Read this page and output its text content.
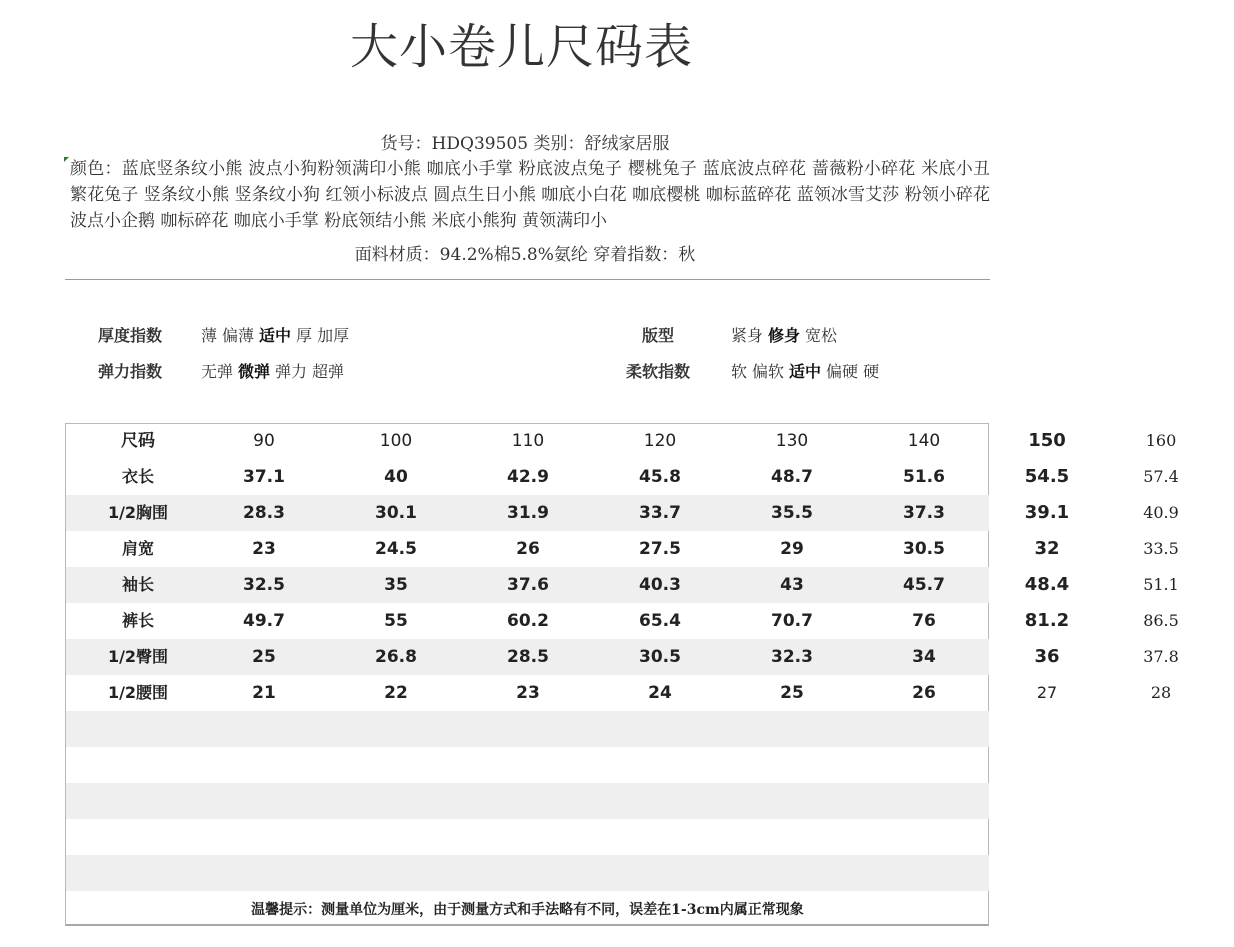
大小卷儿尺码表
货号：HDQ39505 类别：舒绒家居服
颜色：蓝底竖条纹小熊 波点小狗粉领满印小熊 咖底小手掌 粉底波点兔子 樱桃兔子 蓝底波点碎花 蔷薇粉小碎花 米底小丑 繁花兔子 竖条纹小熊 竖条纹小狗 红领小标波点 圆点生日小熊 咖底小白花 咖底樱桃 咖标蓝碎花 蓝领冰雪艾莎 粉领小碎花 波点小企鹅 咖标碎花 咖底小手掌 粉底领结小熊 米底小熊狗 黄领满印小
面料材质：94.2%棉5.8%氨纶 穿着指数：秋
厚度指数 薄 偏薄 适中 厚 加厚
弹力指数 无弹 微弹 弹力 超弹
版型	紧身 修身 宽松
柔软指数	软 偏软 适中 偏硬 硬
尺码	90	100	110	120	130	140	150	160
衣长	37.1	40	42.9	45.8	48.7	51.6	54.5	57.4
1/2胸围	28.3	30.1	31.9	33.7	35.5	37.3	39.1	40.9
肩宽	23	24.5	26	27.5	29	30.5	32	33.5
袖长	32.5	35	37.6	40.3	43	45.7	48.4	51.1
裤长	49.7	55	60.2	65.4	70.7	76	81.2	86.5
1/2臀围	25	26.8	28.5	30.5	32.3	34	36	37.8
1/2腰围	21	22	23	24	25	26	27	28
温馨提示：测量单位为厘米，由于测量方式和手法略有不同，误差在1-3cm内属正常现象
